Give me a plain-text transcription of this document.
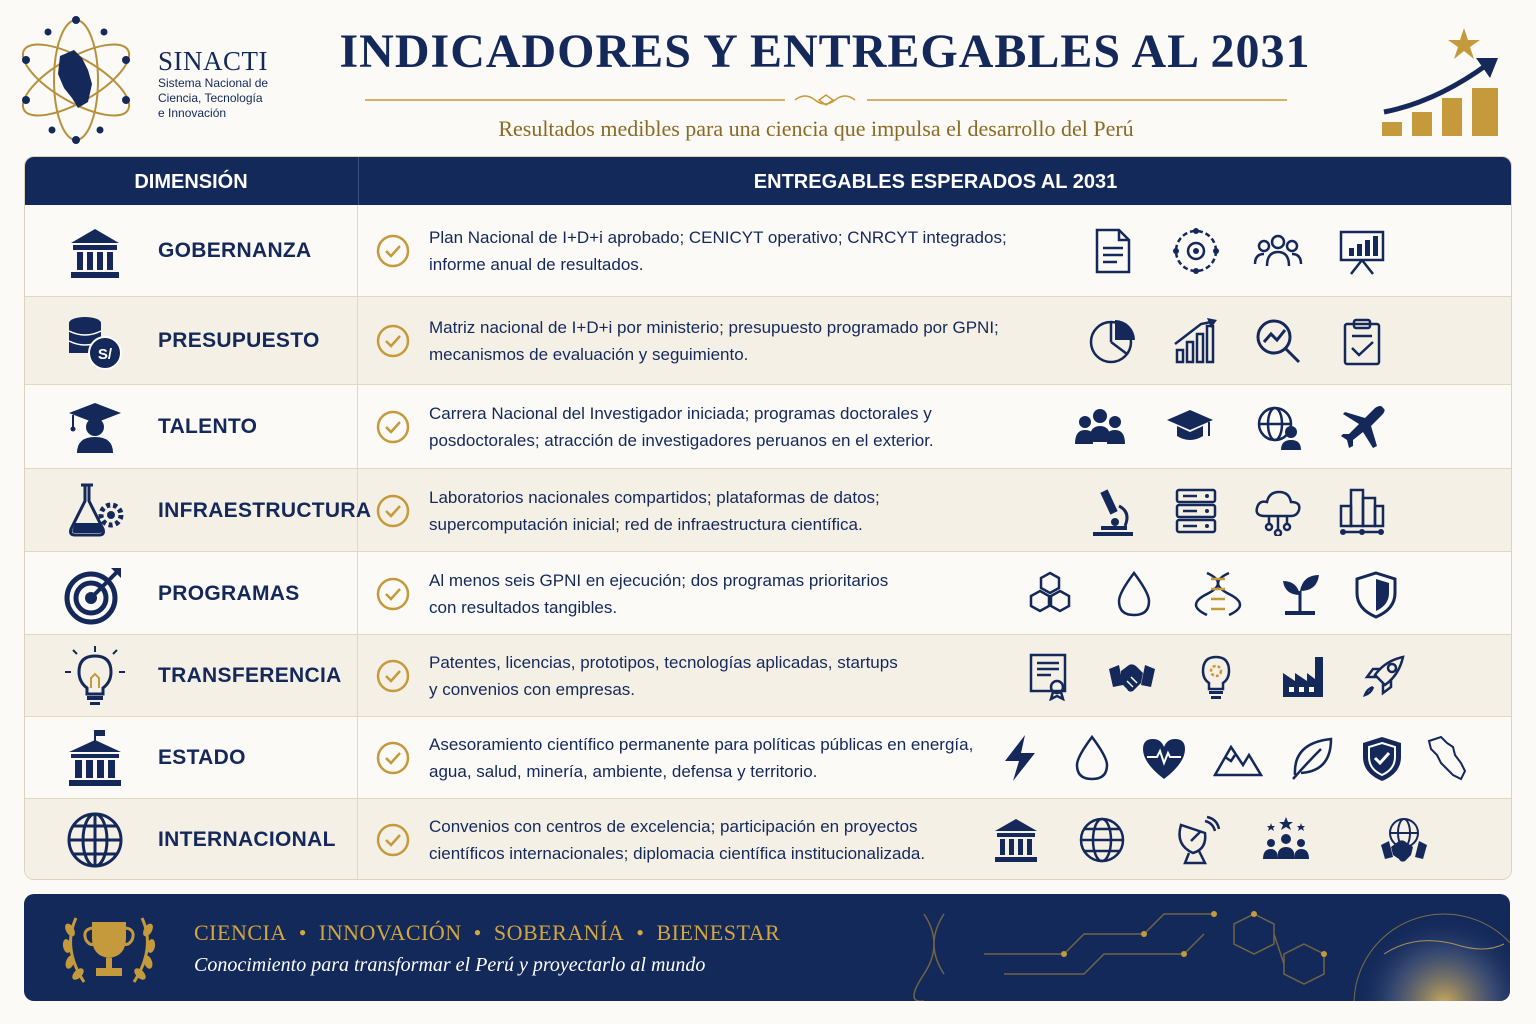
SINACTI
Sistema Nacional de
Ciencia, Tecnología
e Innovación
INDICADORES Y ENTREGABLES AL 2031
Resultados medibles para una ciencia que impulsa el desarrollo del Perú
DIMENSIÓN	ENTREGABLES ESPERADOS AL 2031
GOBERNANZA
Plan Nacional de I+D+i aprobado; CENICYT operativo; CNRCYT integrados;
informe anual de resultados.
S/
PRESUPUESTO
Matriz nacional de I+D+i por ministerio; presupuesto programado por GPNI;
mecanismos de evaluación y seguimiento.
TALENTO
Carrera Nacional del Investigador iniciada; programas doctorales y
posdoctorales; atracción de investigadores peruanos en el exterior.
INFRAESTRUCTURA
Laboratorios nacionales compartidos; plataformas de datos;
supercomputación inicial; red de infraestructura científica.
PROGRAMAS
Al menos seis GPNI en ejecución; dos programas prioritarios
con resultados tangibles.
TRANSFERENCIA
Patentes, licencias, prototipos, tecnologías aplicadas, startups
y convenios con empresas.
ESTADO
Asesoramiento científico permanente para políticas públicas en energía,
agua, salud, minería, ambiente, defensa y territorio.
INTERNACIONAL
Convenios con centros de excelencia; participación en proyectos
científicos internacionales; diplomacia científica institucionalizada.
CIENCIA • INNOVACIÓN • SOBERANÍA • BIENESTAR
Conocimiento para transformar el Perú y proyectarlo al mundo
